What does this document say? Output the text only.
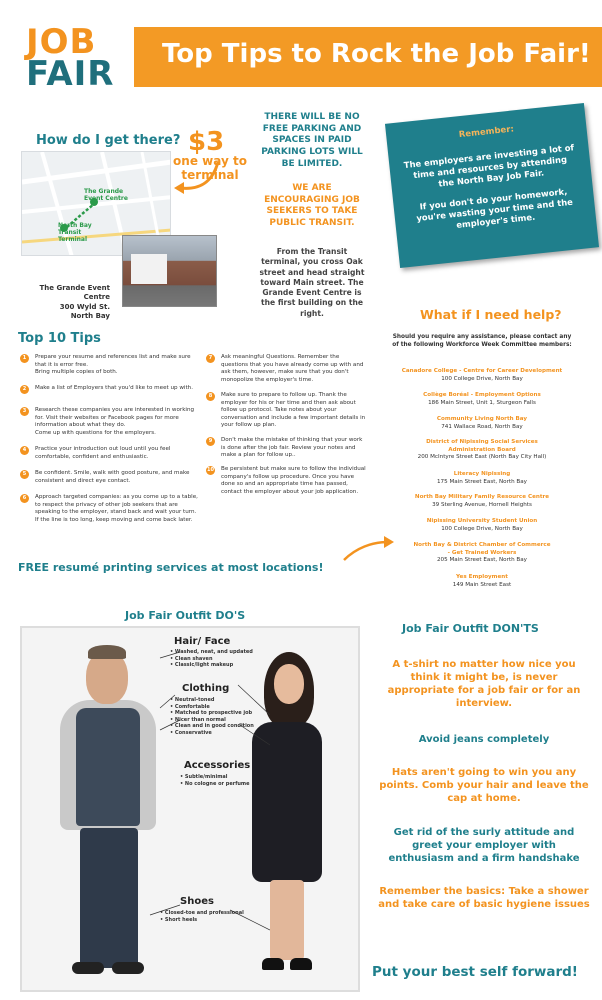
JOB
FAIR
Top Tips to Rock the Job Fair!
How do I get there? $3
one way to terminal
The Grande Event Centre
North Bay Transit Terminal
The Grande Event Centre
300 Wyld St.
North Bay
THERE WILL BE NO FREE PARKING AND SPACES IN PAID PARKING LOTS WILL BE LIMITED.
WE ARE ENCOURAGING JOB SEEKERS TO TAKE PUBLIC TRANSIT.
From the Transit terminal, you cross Oak street and head straight toward Main street. The Grande Event Centre is the first building on the right.
Remember:

The employers are investing a lot of time and resources by attending the North Bay Job Fair.

If you don't do your homework, you're wasting your time and the employer's time.

Top 10 Tips
1	Prepare your resume and references list and make sure that it is error free.
Bring multiple copies of both.
2	Make a list of Employers that you'd like to meet up with.
3	Research these companies you are interested in working for. Visit their websites or Facebook pages for more information about what they do.
Come up with questions for the employers.
4	Practice your introduction out loud until you feel comfortable, confident and enthusiastic.
5	Be confident. Smile, walk with good posture, and make consistent and direct eye contact.
6	Approach targeted companies: as you come up to a table, to respect the privacy of other job seekers that are speaking to the employer, stand back and wait your turn. If the line is too long, keep moving and come back later.
7	Ask meaningful Questions. Remember the questions that you have already come up with and ask them, however, make sure that you don't monopolize the employer's time.
8	Make sure to prepare to follow up. Thank the employer for his or her time and then ask about follow up protocol. Take notes about your conversation and include a few important details in your follow up plan.
9	Don't make the mistake of thinking that your work is done after the job fair. Review your notes and make a plan for follow up..
10 Be persistent but make sure to follow the individual company's follow up procedure. Once you have done so and an appropriate time has passed, contact the employer about your job application.
What if I need help?
Should you require any assistance, please contact any of the following Workforce Week Committee members:
Canadore College - Centre for Career Development
100 College Drive, North Bay
Collège Boréal - Employment Options
186 Main Street, Unit 1, Sturgeon Falls
Community Living North Bay
741 Wallace Road, North Bay
District of Nipissing Social Services
Administration Board
200 McIntyre Street East (North Bay City Hall)
Literacy Nipissing
175 Main Street East, North Bay
North Bay Military Family Resource Centre
39 Sterling Avenue, Hornell Heights
Nipissing University Student Union
100 College Drive, North Bay
North Bay & District Chamber of Commerce
- Get Trained Workers
205 Main Street East, North Bay
Yes Employment
149 Main Street East
FREE resumé printing services at most locations!
Job Fair Outfit DO'S
Hair/ Face
• Washed, neat, and updated
• Clean shaven
• Classic/light makeup
Clothing
• Neutral-toned
• Comfortable
• Matched to prospective job
• Nicer than normal
• Clean and in good condition
• Conservative
Accessories
• Subtle/minimal
• No cologne or perfume
Shoes
• Closed-toe and professional
• Short heels
Job Fair Outfit DON'TS
A t-shirt no matter how nice you think it might be, is never appropriate for a job fair or for an interview.
Avoid jeans completely
Hats aren't going to win you any points. Comb your hair and leave the cap at home.
Get rid of the surly attitude and greet your employer with enthusiasm and a firm handshake
Remember the basics: Take a shower and take care of basic hygiene issues
Put your best self forward!
